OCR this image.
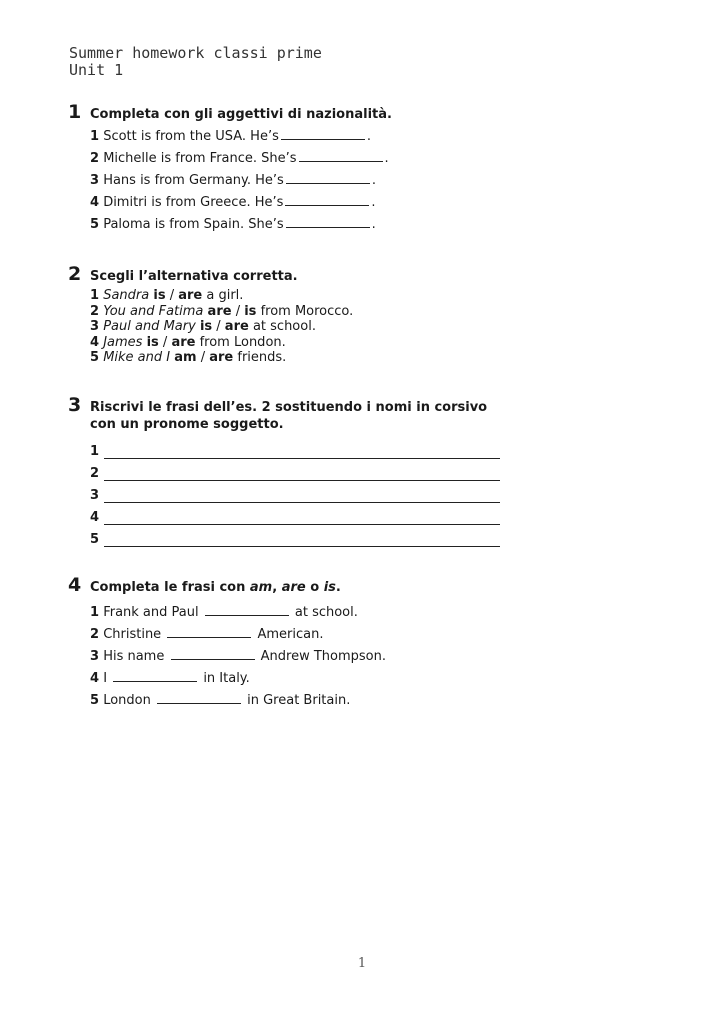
Summer homework classi prime
Unit 1
1 Completa con gli aggettivi di nazionalità.
1 Scott is from the USA. He’s	.
2 Michelle is from France. She’s	.
3 Hans is from Germany. He’s	.
4 Dimitri is from Greece. He’s	.
5 Paloma is from Spain. She’s	.
2 Scegli l’alternativa corretta.
1 Sandra is / are a girl.
2 You and Fatima are / is from Morocco.
3 Paul and Mary is / are at school.
4 James is / are from London.
5 Mike and I am / are friends.
3 Riscrivi le frasi dell’es. 2 sostituendo i nomi in corsivo
con un pronome soggetto.
1
2
3
4
5
4 Completa le frasi con am, are o is.
1 Frank and Paul	at school.
2 Christine	American.
3 His name	Andrew Thompson.
4 I	in Italy.
5 London	in Great Britain.
1
